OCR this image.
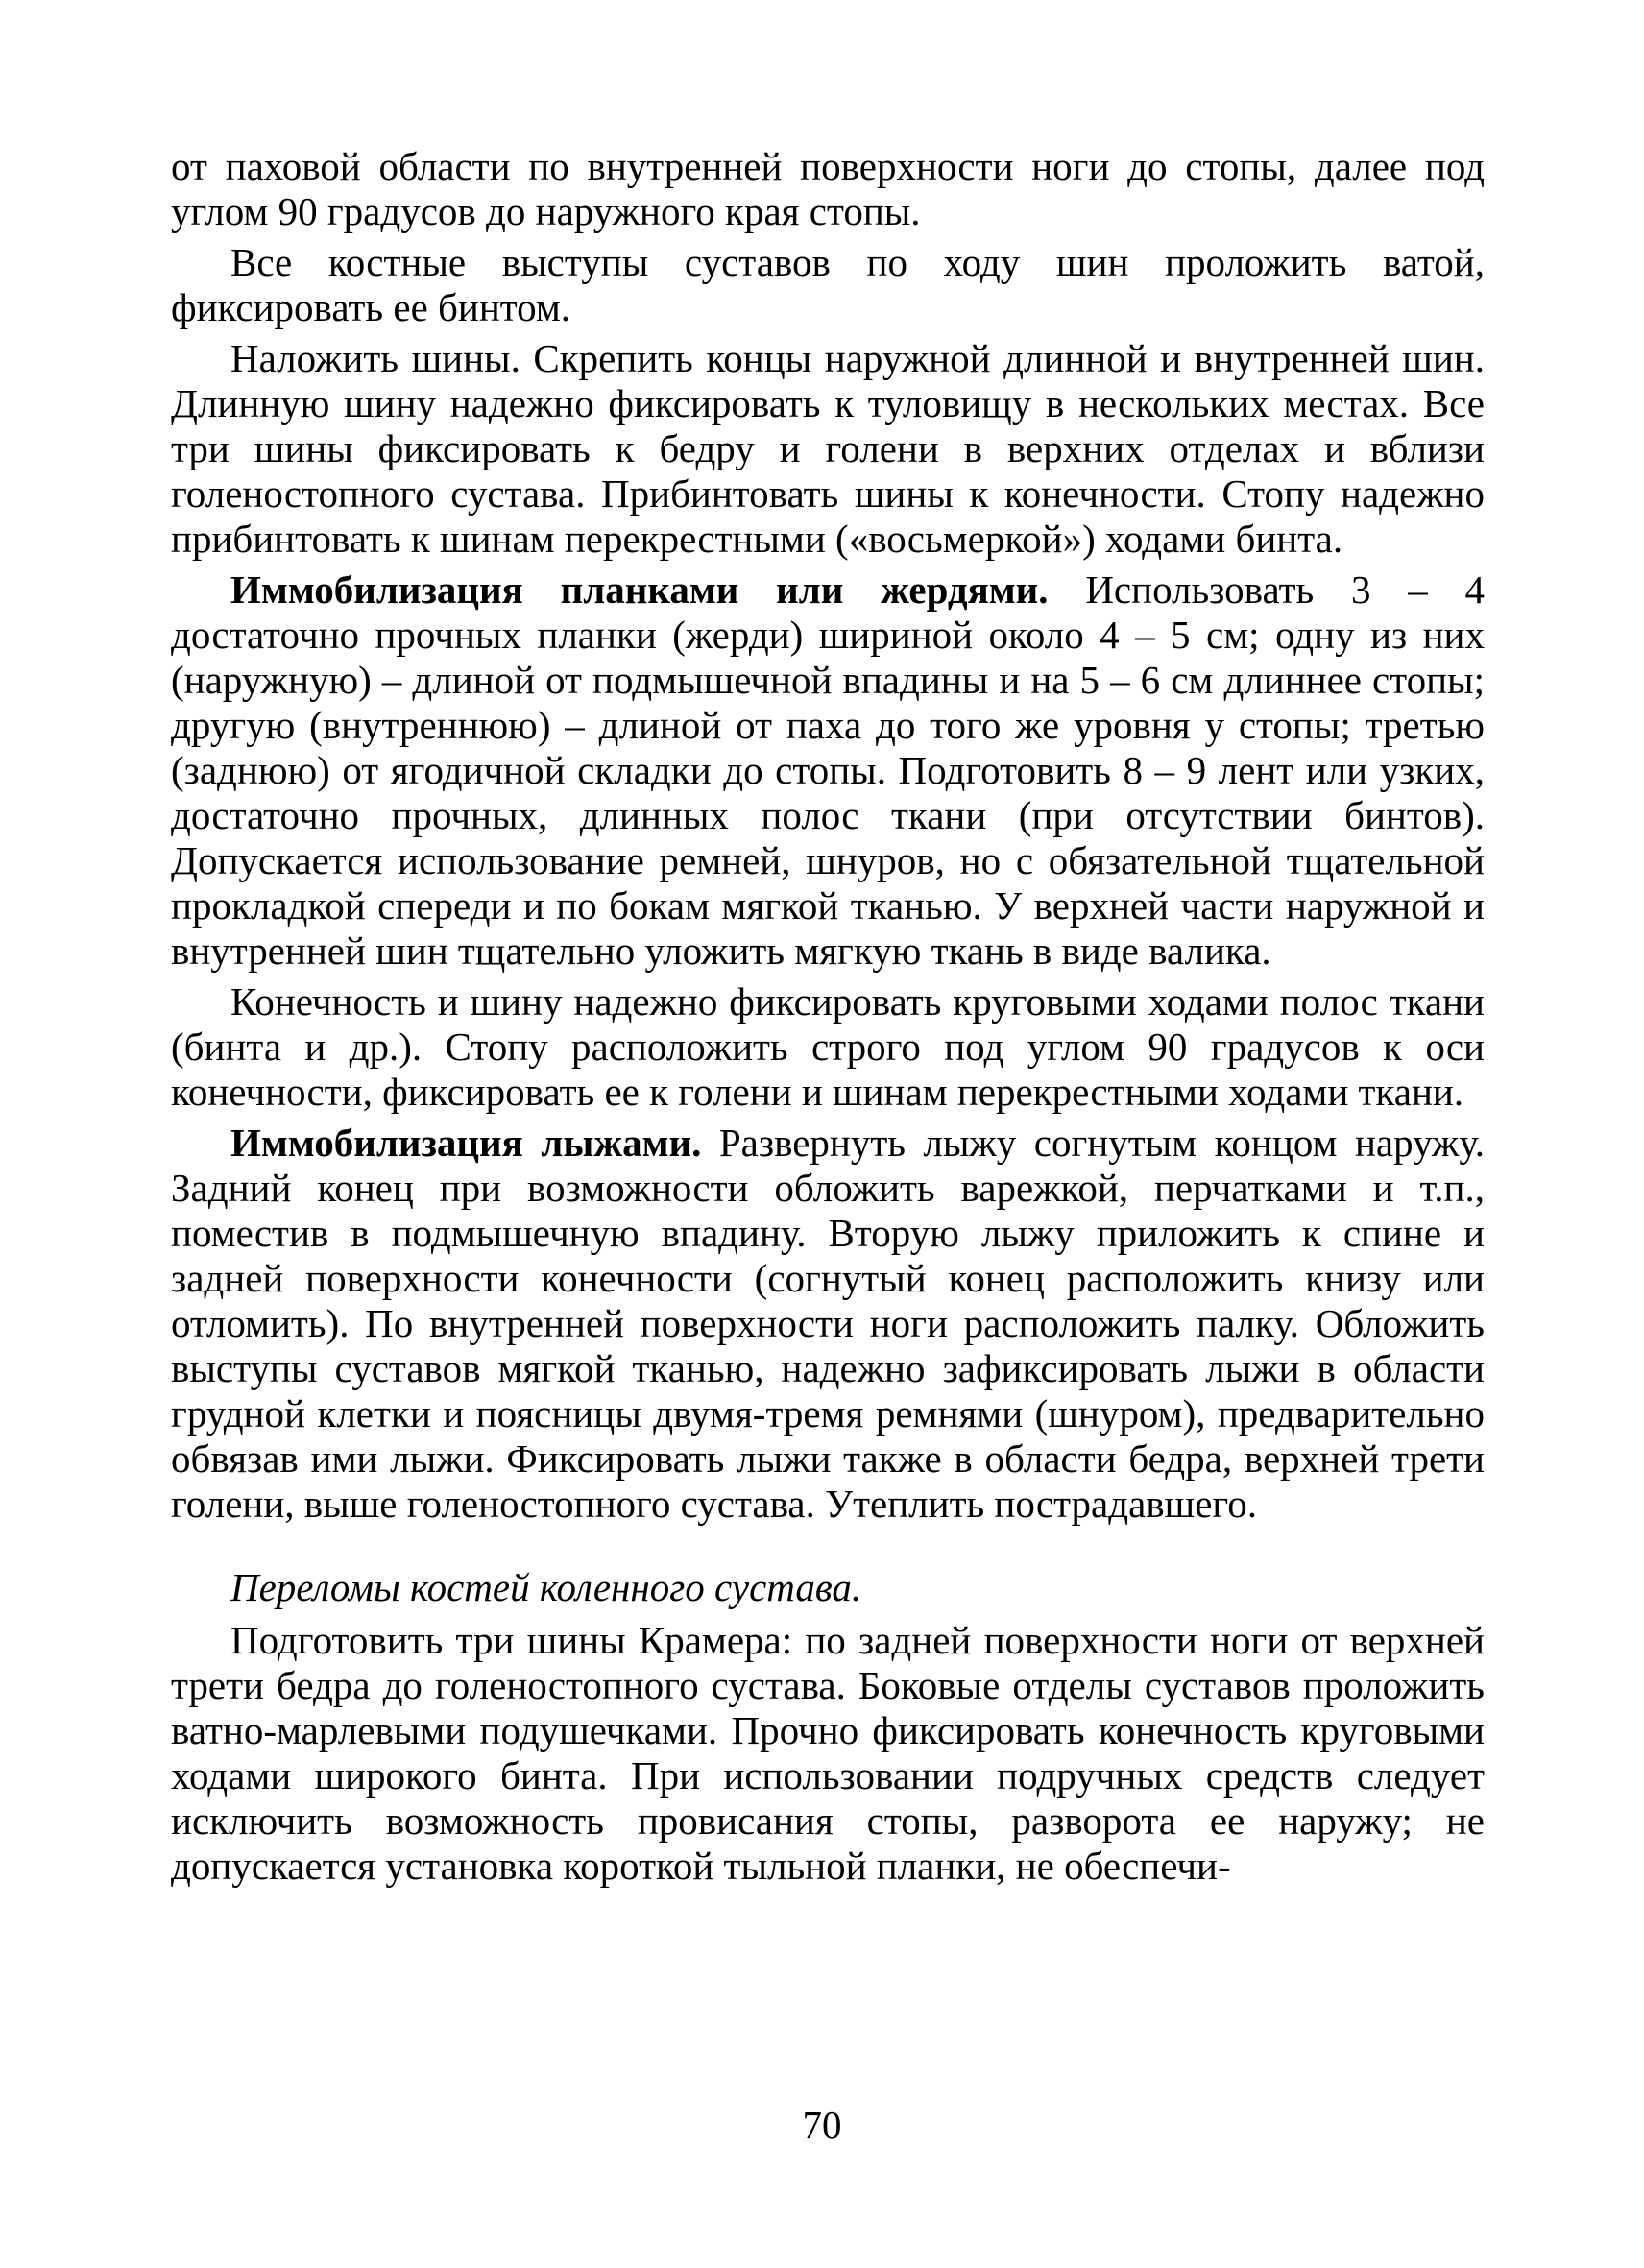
от паховой области по внутренней поверхности ноги до стопы, далее под углом 90 градусов до наружного края стопы.

Все костные выступы суставов по ходу шин проложить ватой, фиксировать ее бинтом.

Наложить шины. Скрепить концы наружной длинной и внутренней шин. Длинную шину надежно фиксировать к туловищу в нескольких местах. Все три шины фиксировать к бедру и голени в верхних отделах и вблизи голеностопного сустава. Прибинтовать шины к конечности. Стопу надежно прибинтовать к шинам перекрестными («восьмеркой») ходами бинта.

Иммобилизация планками или жердями. Использовать 3 – 4 достаточно прочных планки (жерди) шириной около 4 – 5 см; одну из них (наружную) – длиной от подмышечной впадины и на 5 – 6 см длиннее стопы; другую (внутреннюю) – длиной от паха до того же уровня у стопы; третью (заднюю) от ягодичной складки до стопы. Подготовить 8 – 9 лент или узких, достаточно прочных, длинных полос ткани (при отсутствии бинтов). Допускается использование ремней, шнуров, но с обязательной тщательной прокладкой спереди и по бокам мягкой тканью. У верхней части наружной и внутренней шин тщательно уложить мягкую ткань в виде валика.

Конечность и шину надежно фиксировать круговыми ходами полос ткани (бинта и др.). Стопу расположить строго под углом 90 градусов к оси конечности, фиксировать ее к голени и шинам перекрестными ходами ткани.

Иммобилизация лыжами. Развернуть лыжу согнутым концом наружу. Задний конец при возможности обложить варежкой, перчатками и т.п., поместив в подмышечную впадину. Вторую лыжу приложить к спине и задней поверхности конечности (согнутый конец расположить книзу или отломить). По внутренней поверхности ноги расположить палку. Обложить выступы суставов мягкой тканью, надежно зафиксировать лыжи в области грудной клетки и поясницы двумя-тремя ремнями (шнуром), предварительно обвязав ими лыжи. Фиксировать лыжи также в области бедра, верхней трети голени, выше голеностопного сустава. Утеплить пострадавшего.

Переломы костей коленного сустава.

Подготовить три шины Крамера: по задней поверхности ноги от верхней трети бедра до голеностопного сустава. Боковые отделы суставов проложить ватно-марлевыми подушечками. Прочно фиксировать конечность круговыми ходами широкого бинта. При использовании подручных средств следует исключить возможность провисания стопы, разворота ее наружу; не допускается установка короткой тыльной планки, не обеспечи-

70
